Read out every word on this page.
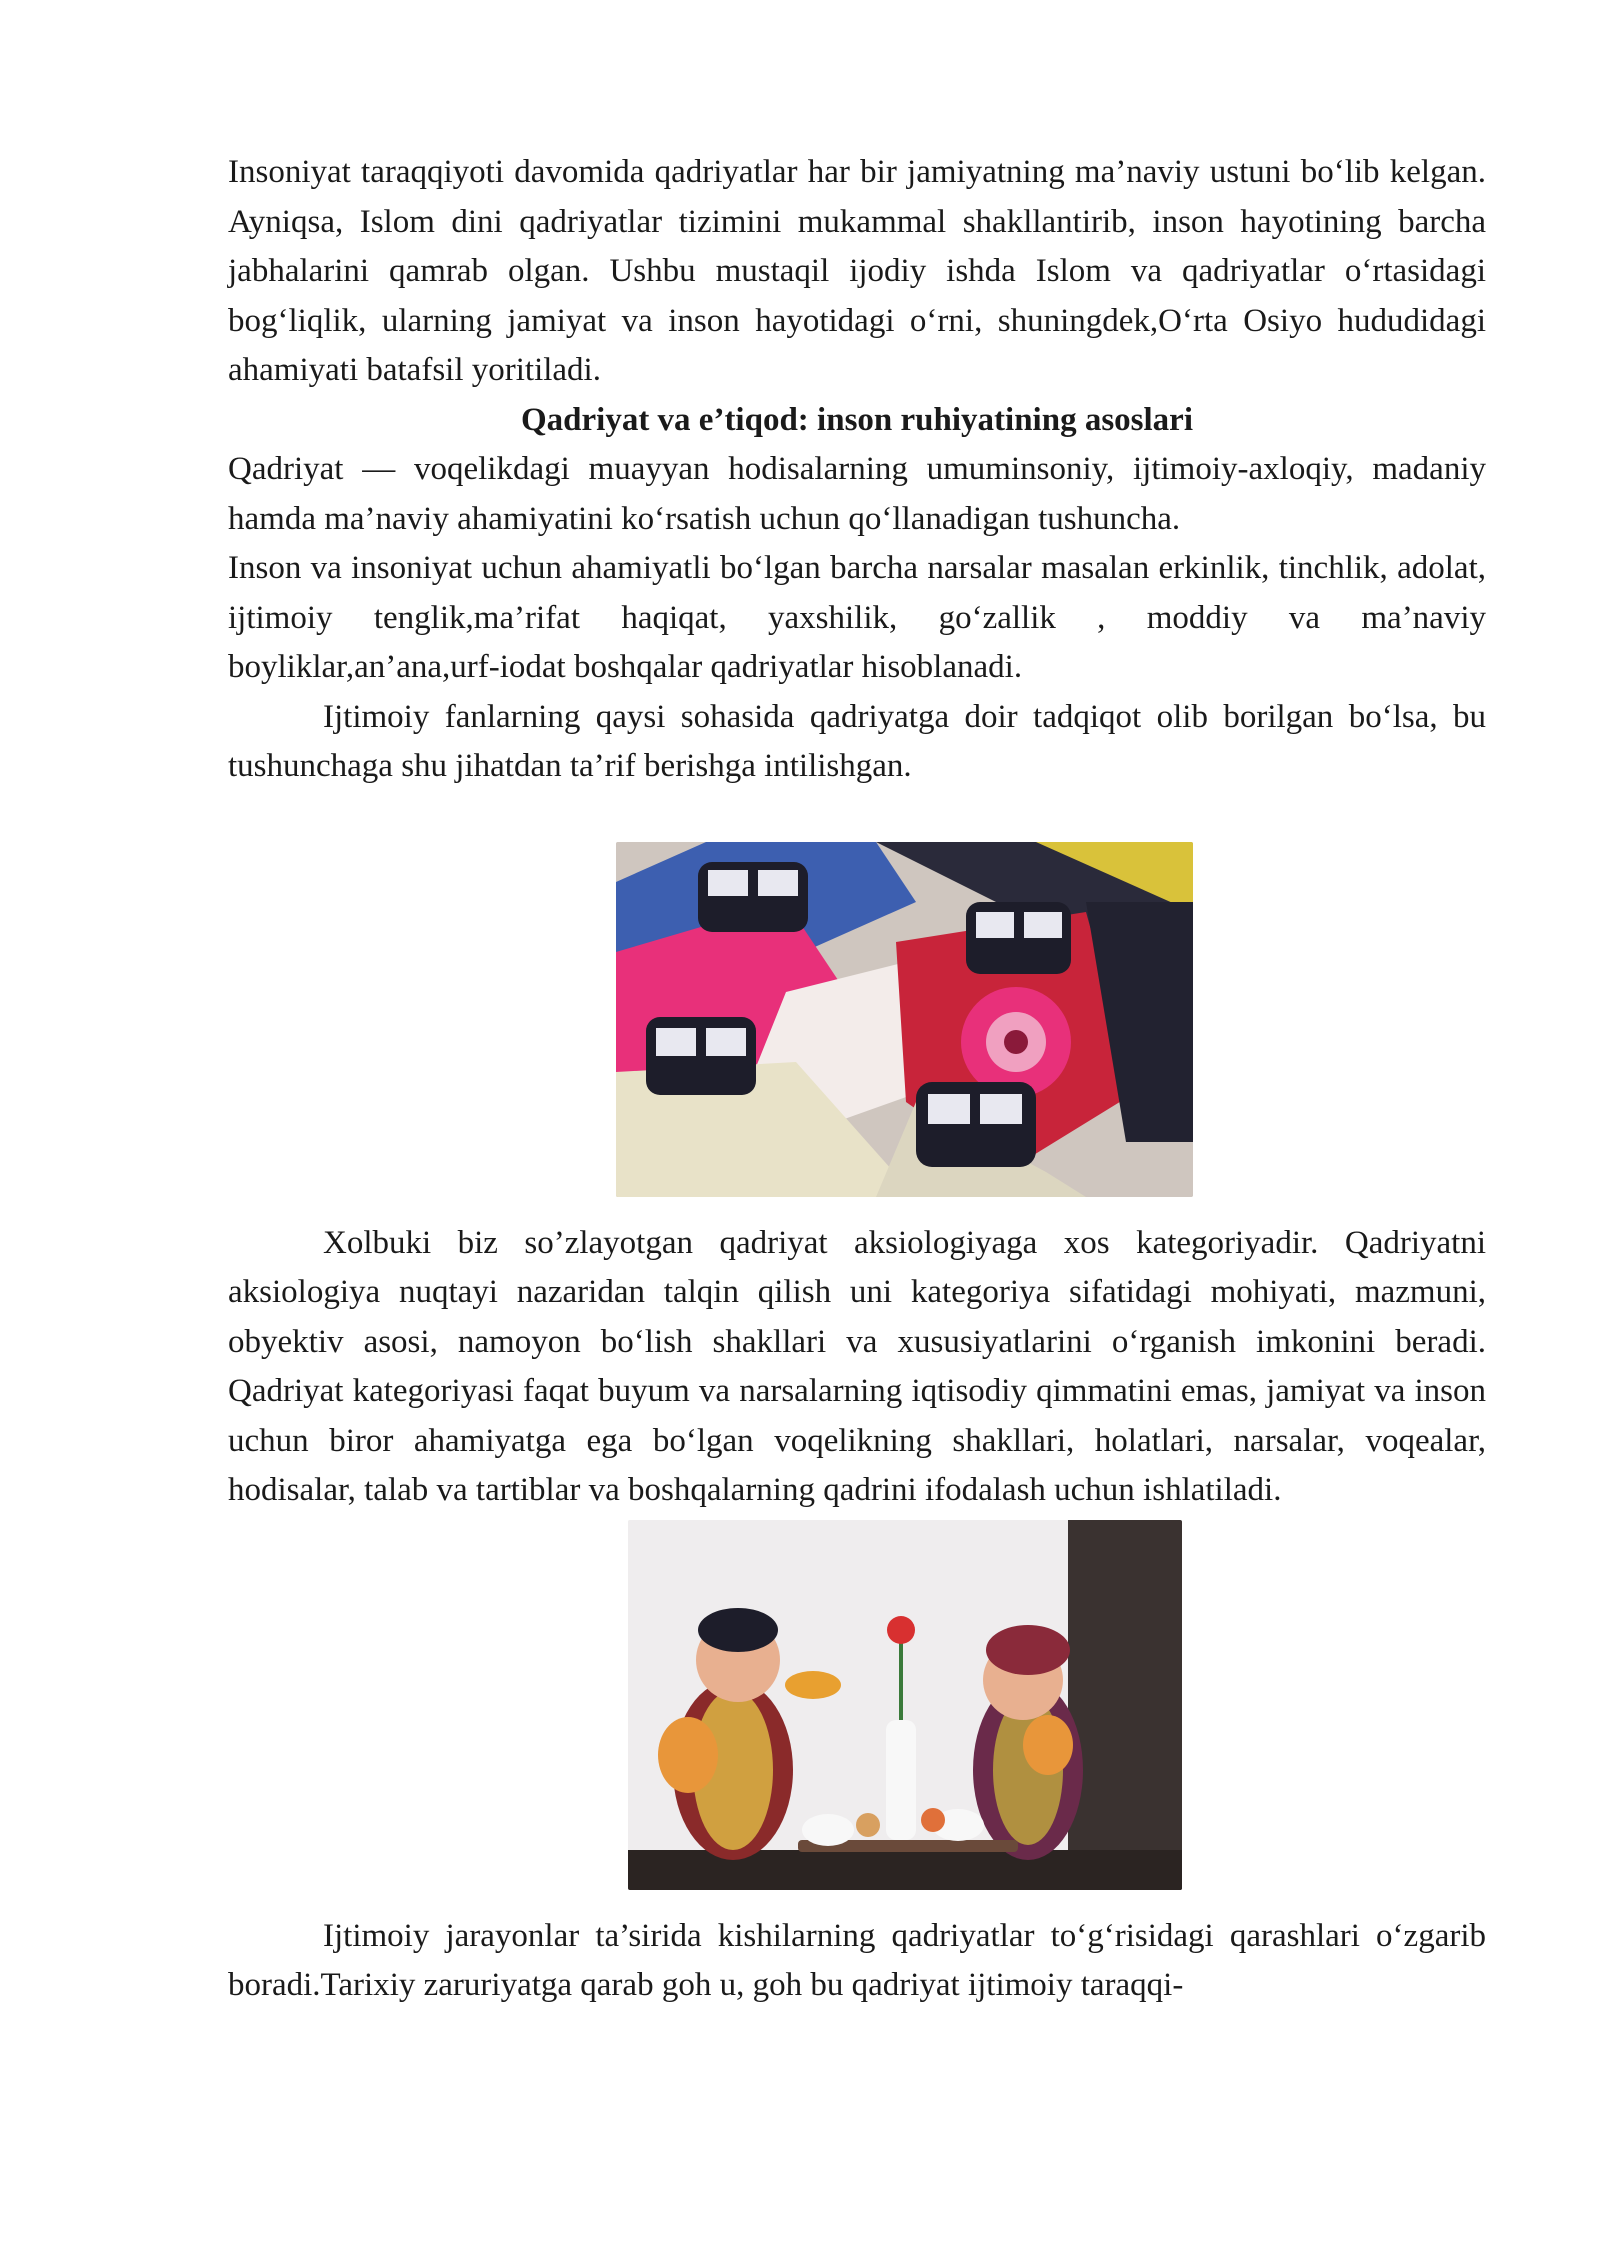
Insoniyat taraqqiyoti davomida qadriyatlar har bir jamiyatning ma’naviy ustuni bo‘lib kelgan. Ayniqsa, Islom dini qadriyatlar tizimini mukammal shakllantirib, inson hayotining barcha jabhalarini qamrab olgan. Ushbu mustaqil ijodiy ishda Islom va qadriyatlar o‘rtasidagi bog‘liqlik, ularning jamiyat va inson hayotidagi o‘rni, shuningdek,O‘rta Osiyo hududidagi ahamiyati batafsil yoritiladi.

Qadriyat va e’tiqod: inson ruhiyatining asoslari

Qadriyat — voqelikdagi muayyan hodisalarning umuminsoniy, ijtimoiy-axloqiy, madaniy hamda ma’naviy ahamiyatini ko‘rsatish uchun qo‘llanadigan tushuncha.

Inson va insoniyat uchun ahamiyatli bo‘lgan barcha narsalar masalan erkinlik, tinchlik, adolat, ijtimoiy tenglik,ma’rifat haqiqat, yaxshilik, go‘zallik , moddiy va ma’naviy boyliklar,an’ana,urf-iodat boshqalar qadriyatlar hisoblanadi.

Ijtimoiy fanlarning qaysi sohasida qadriyatga doir tadqiqot olib borilgan bo‘lsa, bu tushunchaga shu jihatdan ta’rif berishga intilishgan.

Xolbuki biz so’zlayotgan qadriyat aksiologiyaga xos kategoriyadir. Qadriyatni aksiologiya nuqtayi nazaridan talqin qilish uni kategoriya sifatidagi mohiyati, mazmuni, obyektiv asosi, namoyon bo‘lish shakllari va xususiyatlarini o‘rganish imkonini beradi. Qadriyat kategoriyasi faqat buyum va narsalarning iqtisodiy qimmatini emas, jamiyat va inson uchun biror ahamiyatga ega bo‘lgan voqelikning shakllari, holatlari, narsalar, voqealar, hodisalar, talab va tartiblar va boshqalarning qadrini ifodalash uchun ishlatiladi.

Ijtimoiy jarayonlar ta’sirida kishilarning qadriyatlar to‘g‘risidagi qarashlari o‘zgarib boradi.Tarixiy zaruriyatga qarab goh u, goh bu qadriyat ijtimoiy taraqqi-
